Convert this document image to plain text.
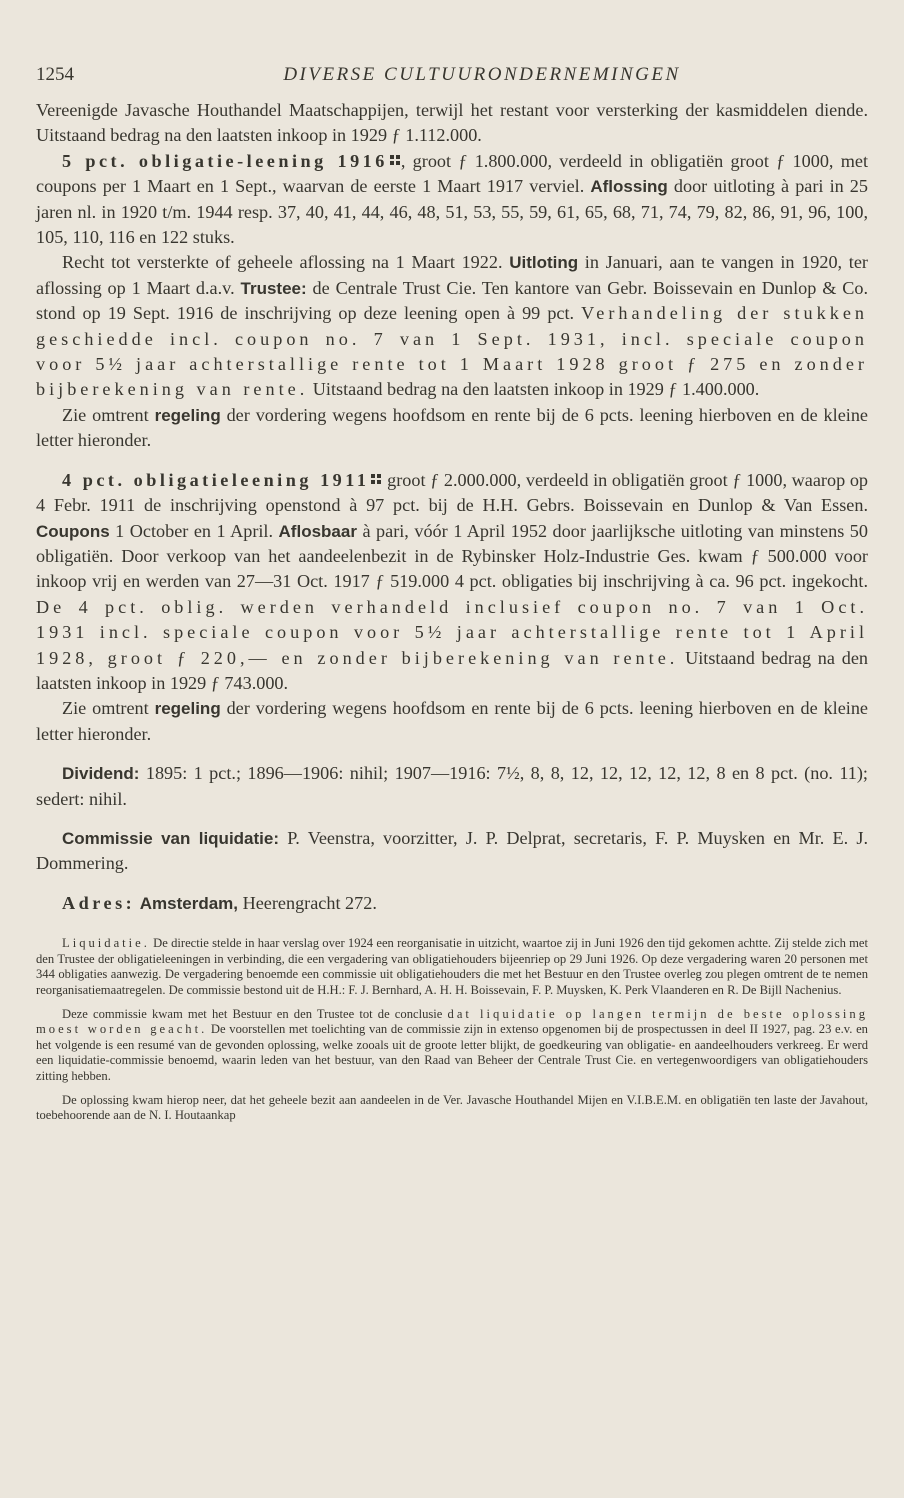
1254	DIVERSE CULTUURONDERNEMINGEN

Vereenigde Javasche Houthandel Maatschappijen, terwijl het restant voor versterking der kasmiddelen diende. Uitstaand bedrag na den laatsten inkoop in 1929 ƒ 1.112.000.

5 pct. obligatie-leening 1916 , groot ƒ 1.800.000, verdeeld in obligatiën groot ƒ 1000, met coupons per 1 Maart en 1 Sept., waarvan de eerste 1 Maart 1917 verviel. Aflossing door uitloting à pari in 25 jaren nl. in 1920 t/m. 1944 resp. 37, 40, 41, 44, 46, 48, 51, 53, 55, 59, 61, 65, 68, 71, 74, 79, 82, 86, 91, 96, 100, 105, 110, 116 en 122 stuks.

Recht tot versterkte of geheele aflossing na 1 Maart 1922. Uitloting in Januari, aan te vangen in 1920, ter aflossing op 1 Maart d.a.v. Trustee: de Centrale Trust Cie. Ten kantore van Gebr. Boissevain en Dunlop & Co. stond op 19 Sept. 1916 de inschrijving op deze leening open à 99 pct. Verhandeling der stukken geschiedde incl. coupon no. 7 van 1 Sept. 1931, incl. speciale coupon voor 5½ jaar achterstallige rente tot 1 Maart 1928 groot ƒ 275 en zonder bijberekening van rente. Uitstaand bedrag na den laatsten inkoop in 1929 ƒ 1.400.000.

Zie omtrent regeling der vordering wegens hoofdsom en rente bij de 6 pcts. leening hierboven en de kleine letter hieronder.

4 pct. obligatieleening 1911 groot ƒ 2.000.000, verdeeld in obligatiën groot ƒ 1000, waarop op 4 Febr. 1911 de inschrijving openstond à 97 pct. bij de H.H. Gebrs. Boissevain en Dunlop & Van Essen. Coupons 1 October en 1 April. Aflosbaar à pari, vóór 1 April 1952 door jaarlijksche uitloting van minstens 50 obligatiën. Door verkoop van het aandeelenbezit in de Rybinsker Holz-Industrie Ges. kwam ƒ 500.000 voor inkoop vrij en werden van 27—31 Oct. 1917 ƒ 519.000 4 pct. obligaties bij inschrijving à ca. 96 pct. ingekocht. De 4 pct. oblig. werden verhandeld inclusief coupon no. 7 van 1 Oct. 1931 incl. speciale coupon voor 5½ jaar achterstallige rente tot 1 April 1928, groot ƒ 220,— en zonder bijberekening van rente. Uitstaand bedrag na den laatsten inkoop in 1929 ƒ 743.000.

Zie omtrent regeling der vordering wegens hoofdsom en rente bij de 6 pcts. leening hierboven en de kleine letter hieronder.

Dividend: 1895: 1 pct.; 1896—1906: nihil; 1907—1916: 7½, 8, 8, 12, 12, 12, 12, 12, 8 en 8 pct. (no. 11); sedert: nihil.

Commissie van liquidatie: P. Veenstra, voorzitter, J. P. Delprat, secretaris, F. P. Muysken en Mr. E. J. Dommering.

Adres: Amsterdam, Heerengracht 272.

Liquidatie. De directie stelde in haar verslag over 1924 een reorganisatie in uitzicht, waartoe zij in Juni 1926 den tijd gekomen achtte. Zij stelde zich met den Trustee der obligatieleeningen in verbinding, die een vergadering van obligatiehouders bijeenriep op 29 Juni 1926. Op deze vergadering waren 20 personen met 344 obligaties aanwezig. De vergadering benoemde een commissie uit obligatiehouders die met het Bestuur en den Trustee overleg zou plegen omtrent de te nemen reorganisatiemaatregelen. De commissie bestond uit de H.H.: F. J. Bernhard, A. H. H. Boissevain, F. P. Muysken, K. Perk Vlaanderen en R. De Bijll Nachenius.

Deze commissie kwam met het Bestuur en den Trustee tot de conclusie dat liquidatie op langen termijn de beste oplossing moest worden geacht. De voorstellen met toelichting van de commissie zijn in extenso opgenomen bij de prospectussen in deel II 1927, pag. 23 e.v. en het volgende is een resumé van de gevonden oplossing, welke zooals uit de groote letter blijkt, de goedkeuring van obligatie- en aandeelhouders verkreeg. Er werd een liquidatie-commissie benoemd, waarin leden van het bestuur, van den Raad van Beheer der Centrale Trust Cie. en vertegenwoordigers van obligatiehouders zitting hebben.

De oplossing kwam hierop neer, dat het geheele bezit aan aandeelen in de Ver. Javasche Houthandel Mijen en V.I.B.E.M. en obligatiën ten laste der Javahout, toebehoorende aan de N. I. Houtaankap
